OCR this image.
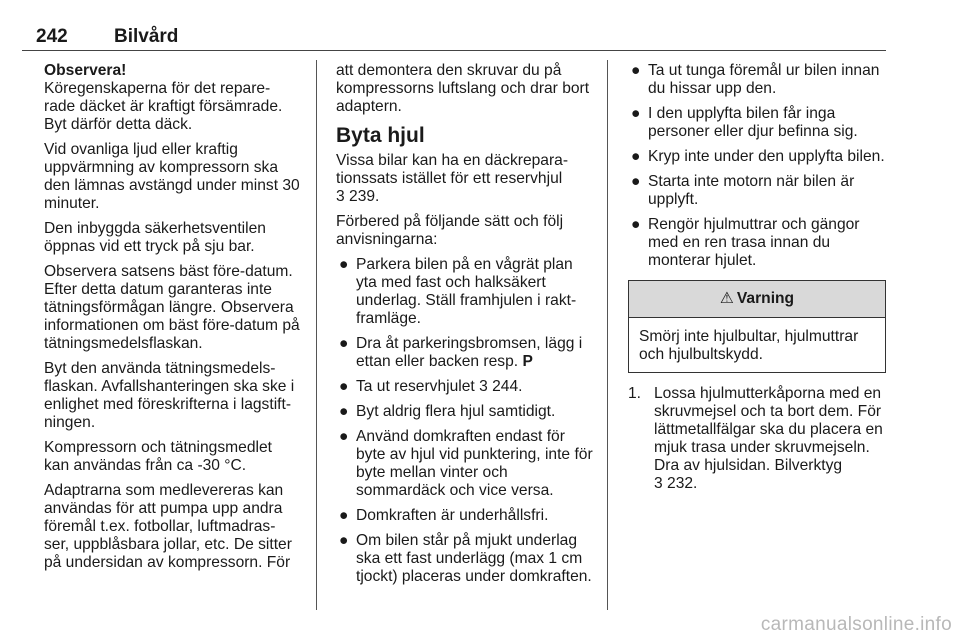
242 Bilvård

Observera!

Köregenskaperna för det repare-rade däcket är kraftigt försämrade. Byt därför detta däck.

Vid ovanliga ljud eller kraftig uppvärmning av kompressorn ska den lämnas avstängd under minst 30 minuter.

Den inbyggda säkerhetsventilen öppnas vid ett tryck på sju bar.

Observera satsens bäst före-datum. Efter detta datum garanteras inte tätningsförmågan längre. Observera informationen om bäst före-datum på tätningsmedelsflaskan.

Byt den använda tätningsmedels-flaskan. Avfallshanteringen ska ske i enlighet med föreskrifterna i lagstift-ningen.

Kompressorn och tätningsmedlet kan användas från ca -30 °C.

Adaptrarna som medlevereras kan användas för att pumpa upp andra föremål t.ex. fotbollar, luftmadras-ser, uppblåsbara jollar, etc. De sitter på undersidan av kompressorn. För

att demontera den skruvar du på kompressorns luftslang och drar bort adaptern.

Byta hjul

Vissa bilar kan ha en däckrepara-tionssats istället för ett reservhjul
3 239.

Förbered på följande sätt och följ anvisningarna:

● Parkera bilen på en vågrät plan yta med fast och halksäkert underlag. Ställ framhjulen i rakt-framläge.
● Dra åt parkeringsbromsen, lägg i ettan eller backen resp. P
● Ta ut reservhjulet 3 244.
● Byt aldrig flera hjul samtidigt.
● Använd domkraften endast för byte av hjul vid punktering, inte för byte mellan vinter och sommardäck och vice versa.
● Domkraften är underhållsfri.
● Om bilen står på mjukt underlag ska ett fast underlägg (max 1 cm tjockt) placeras under domkraften.
● Ta ut tunga föremål ur bilen innan du hissar upp den.
● I den upplyfta bilen får inga personer eller djur befinna sig.
● Kryp inte under den upplyfta bilen.
● Starta inte motorn när bilen är upplyft.
● Rengör hjulmuttrar och gängor med en ren trasa innan du monterar hjulet.
⚠ Varning
Smörj inte hjulbultar, hjulmuttrar och hjulbultskydd.
1. Lossa hjulmutterkåporna med en skruvmejsel och ta bort dem. För lättmetallfälgar ska du placera en mjuk trasa under skruvmejseln. Dra av hjulsidan. Bilverktyg
3 232.
carmanualsonline.info
